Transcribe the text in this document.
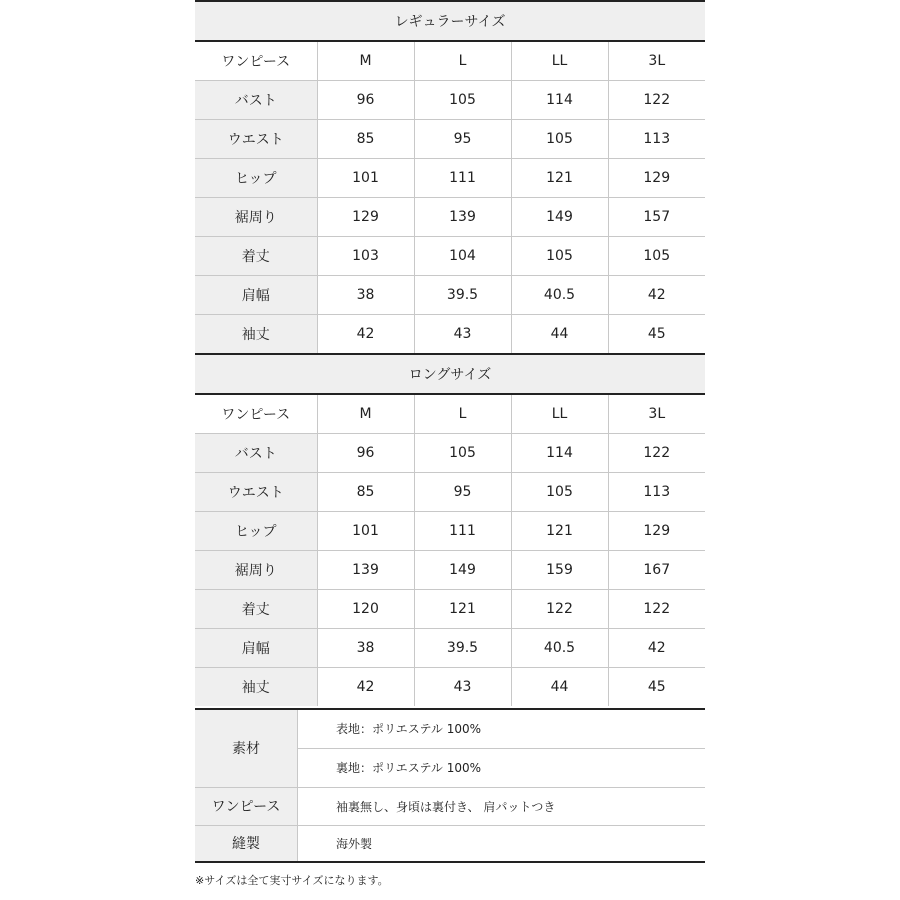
レギュラーサイズ				
ワンピース	M	L	LL	3L
バスト	96	105	114	122
ウエスト	85	95	105	113
ヒップ	101	111	121	129
裾周り	129	139	149	157
着丈	103	104	105	105
肩幅	38	39.5	40.5	42
袖丈	42	43	44	45
ロングサイズ				
ワンピース	M	L	LL	3L
バスト	96	105	114	122
ウエスト	85	95	105	113
ヒップ	101	111	121	129
裾周り	139	149	159	167
着丈	120	121	122	122
肩幅	38	39.5	40.5	42
袖丈	42	43	44	45
素材	表地：ポリエステル 100%
	裏地：ポリエステル 100%
ワンピース	袖裏無し、身頃は裏付き、 肩パットつき
縫製	海外製
※サイズは全て実寸サイズになります。
